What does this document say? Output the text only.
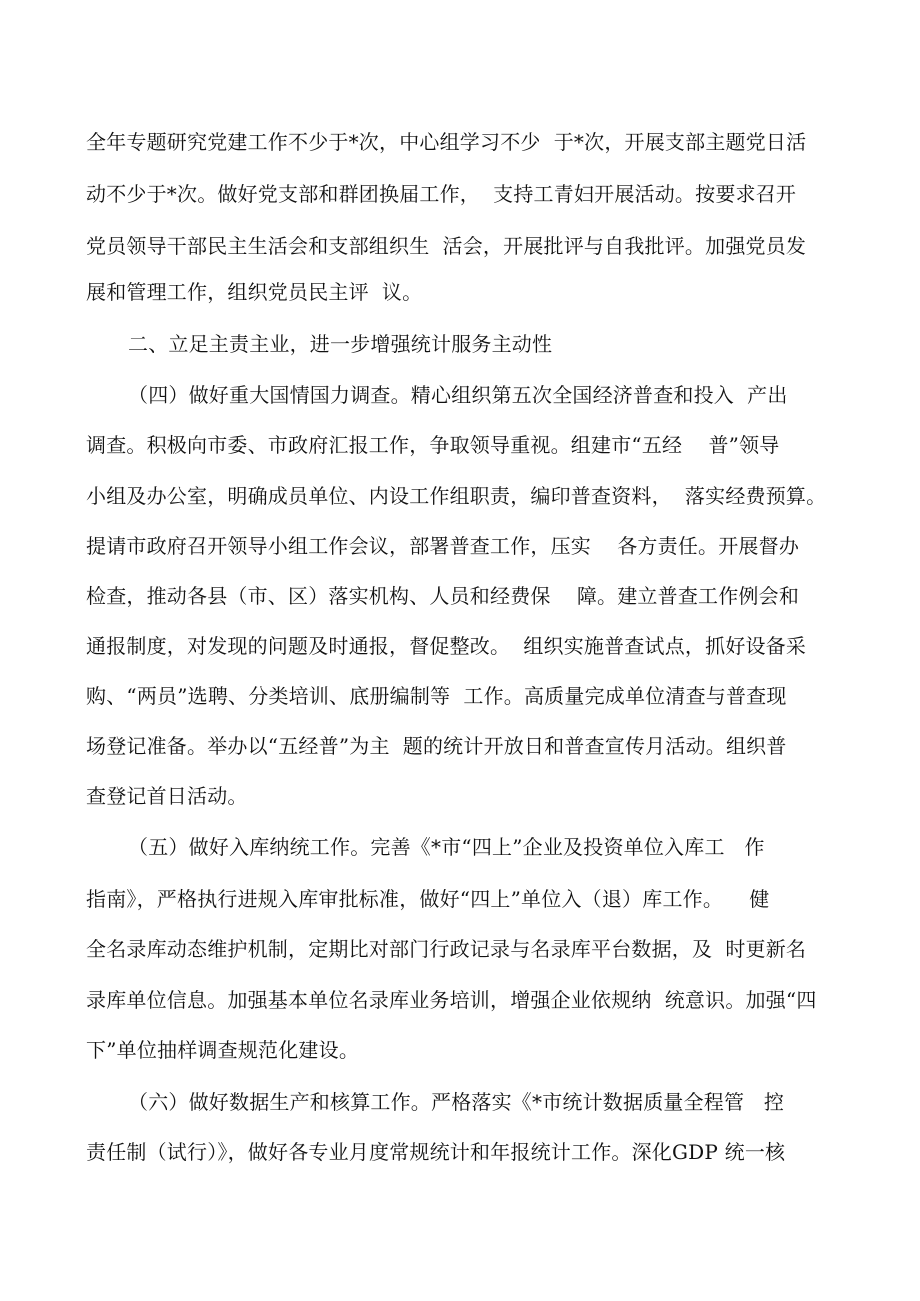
全年专题研究党建工作不少于*次，中心组学习不少  于*次，开展支部主题党日活
动不少于*次。做好党支部和群团换届工作，  支持工青妇开展活动。按要求召开
党员领导干部民主生活会和支部组织生  活会，开展批评与自我批评。加强党员发
展和管理工作，组织党员民主评  议。
二、立足主责主业，进一步增强统计服务主动性
（四）做好重大国情国力调查。精心组织第五次全国经济普查和投入  产出
调查。积极向市委、市政府汇报工作，争取领导重视。组建市“五经    普”领导
小组及办公室，明确成员单位、内设工作组职责，编印普查资料，  落实经费预算。
提请市政府召开领导小组工作会议，部署普查工作，压实    各方责任。开展督办
检查，推动各县（市、区）落实机构、人员和经费保    障。建立普查工作例会和
通报制度，对发现的问题及时通报，督促整改。  组织实施普查试点，抓好设备采
购、“两员”选聘、分类培训、底册编制等  工作。高质量完成单位清查与普查现
场登记准备。举办以“五经普”为主  题的统计开放日和普查宣传月活动。组织普
查登记首日活动。
（五）做好入库纳统工作。完善《*市“四上”企业及投资单位入库工   作
指南》，严格执行进规入库审批标准，做好“四上”单位入（退）库工作。    健
全名录库动态维护机制，定期比对部门行政记录与名录库平台数据，及  时更新名
录库单位信息。加强基本单位名录库业务培训，增强企业依规纳  统意识。加强“四
下”单位抽样调查规范化建设。
（六）做好数据生产和核算工作。严格落实《*市统计数据质量全程管   控
责任制（试行）》，做好各专业月度常规统计和年报统计工作。深化GDP 统一核
